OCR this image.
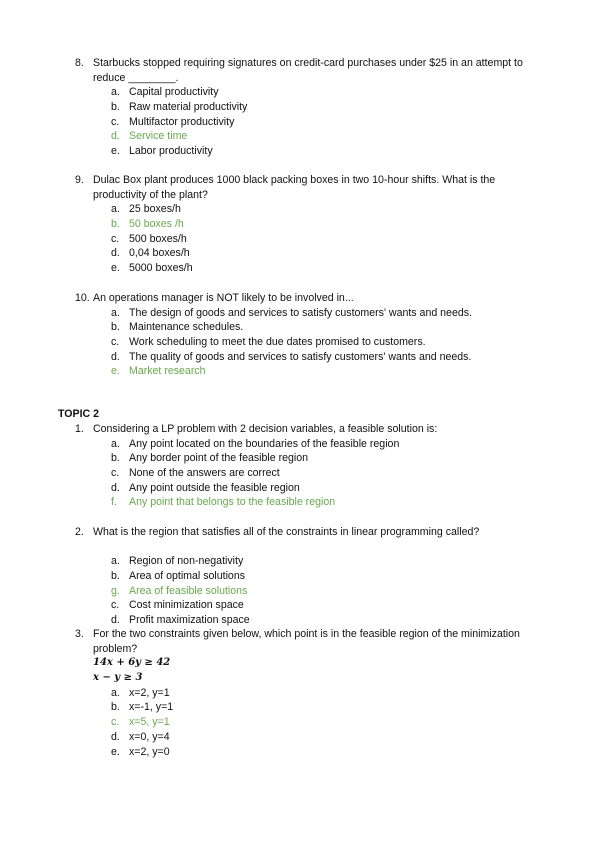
8. Starbucks stopped requiring signatures on credit-card purchases under $25 in an attempt to reduce ________.
a. Capital productivity
b. Raw material productivity
c. Multifactor productivity
d. Service time
e. Labor productivity
9. Dulac Box plant produces 1000 black packing boxes in two 10-hour shifts. What is the productivity of the plant?
a. 25 boxes/h
b. 50 boxes /h
c. 500 boxes/h
d. 0,04 boxes/h
e. 5000 boxes/h
10. An operations manager is NOT likely to be involved in...
a. The design of goods and services to satisfy customers' wants and needs.
b. Maintenance schedules.
c. Work scheduling to meet the due dates promised to customers.
d. The quality of goods and services to satisfy customers' wants and needs.
e. Market research
TOPIC 2
1. Considering a LP problem with 2 decision variables, a feasible solution is:
a. Any point located on the boundaries of the feasible region
b. Any border point of the feasible region
c. None of the answers are correct
d. Any point outside the feasible region
f. Any point that belongs to the feasible region
2. What is the region that satisfies all of the constraints in linear programming called?
a. Region of non-negativity
b. Area of optimal solutions
g. Area of feasible solutions
c. Cost minimization space
d. Profit maximization space
3. For the two constraints given below, which point is in the feasible region of the minimization problem?
14x + 6y ≥ 42
x − y ≥ 3
a. x=2, y=1
b. x=-1, y=1
c. x=5, y=1
d. x=0, y=4
e. x=2, y=0
